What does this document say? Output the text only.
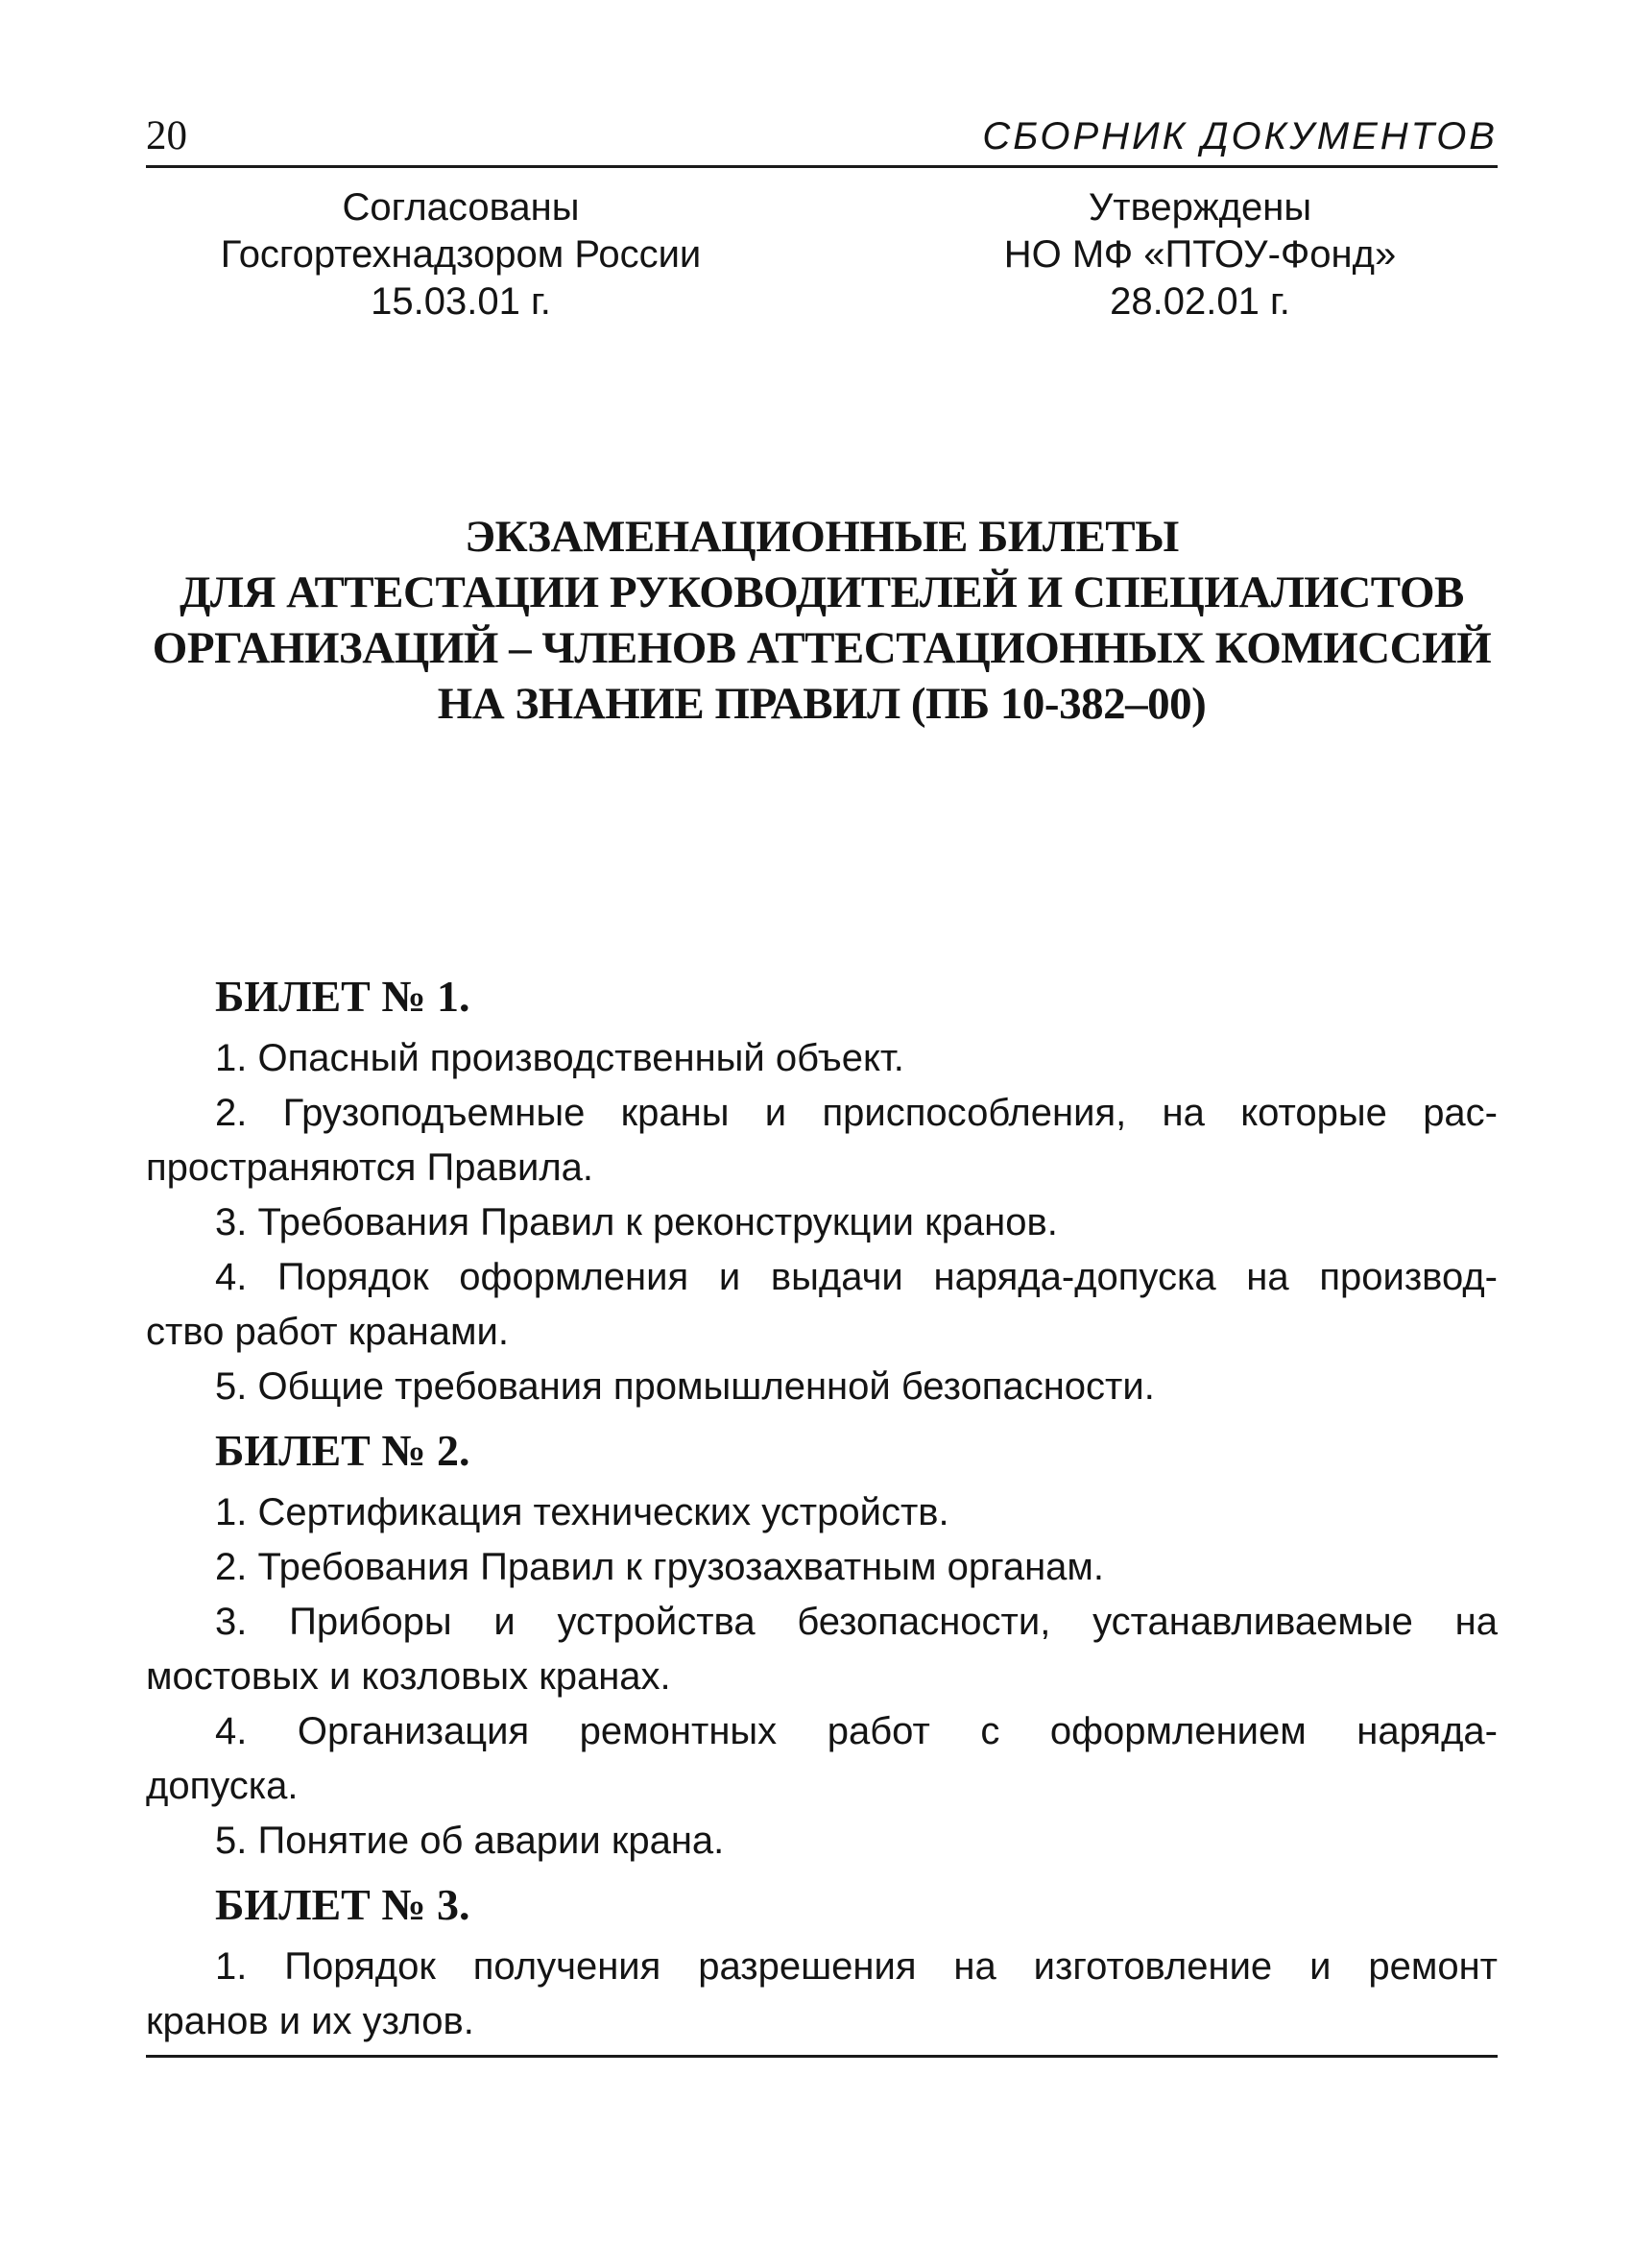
20	СБОРНИК ДОКУМЕНТОВ
Согласованы
Госгортехнадзором России
15.03.01 г.
Утверждены
НО МФ «ПТОУ-Фонд»
28.02.01 г.
ЭКЗАМЕНАЦИОННЫЕ БИЛЕТЫ
ДЛЯ АТТЕСТАЦИИ РУКОВОДИТЕЛЕЙ И СПЕЦИАЛИСТОВ
ОРГАНИЗАЦИЙ – ЧЛЕНОВ АТТЕСТАЦИОННЫХ КОМИССИЙ
НА ЗНАНИЕ ПРАВИЛ (ПБ 10-382–00)
БИЛЕТ № 1.
1. Опасный производственный объект.
2. Грузоподъемные краны и приспособления, на которые рас-
пространяются Правила.
3. Требования Правил к реконструкции кранов.
4. Порядок оформления и выдачи наряда-допуска на производ-
ство работ кранами.
5. Общие требования промышленной безопасности.
БИЛЕТ № 2.
1. Сертификация технических устройств.
2. Требования Правил к грузозахватным органам.
3. Приборы и устройства безопасности, устанавливаемые на
мостовых и козловых кранах.
4. Организация ремонтных работ с оформлением наряда-
допуска.
5. Понятие об аварии крана.
БИЛЕТ № 3.
1. Порядок получения разрешения на изготовление и ремонт
кранов и их узлов.
